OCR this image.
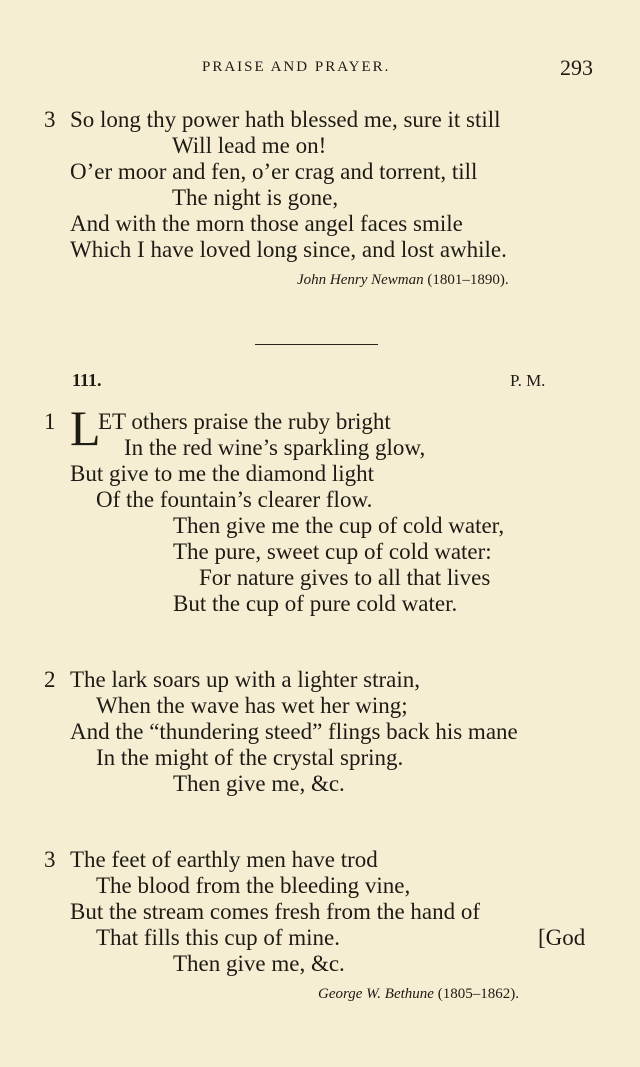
PRAISE AND PRAYER.	293
3 So long thy power hath blessed me, sure it still
Will lead me on!
O’er moor and fen, o’er crag and torrent, till
The night is gone,
And with the morn those angel faces smile
Which I have loved long since, and lost awhile.
John Henry Newman (1801–1890).
111.	P. M.
1 L
ET others praise the ruby bright
In the red wine’s sparkling glow,
But give to me the diamond light
Of the fountain’s clearer flow.
Then give me the cup of cold water,
The pure, sweet cup of cold water:
For nature gives to all that lives
But the cup of pure cold water.
2 The lark soars up with a lighter strain,
When the wave has wet her wing;
And the “thundering steed” flings back his mane
In the might of the crystal spring.
Then give me, &c.
3 The feet of earthly men have trod
The blood from the bleeding vine,
But the stream comes fresh from the hand of
That fills this cup of mine.	[God
Then give me, &c.
George W. Bethune (1805–1862).
